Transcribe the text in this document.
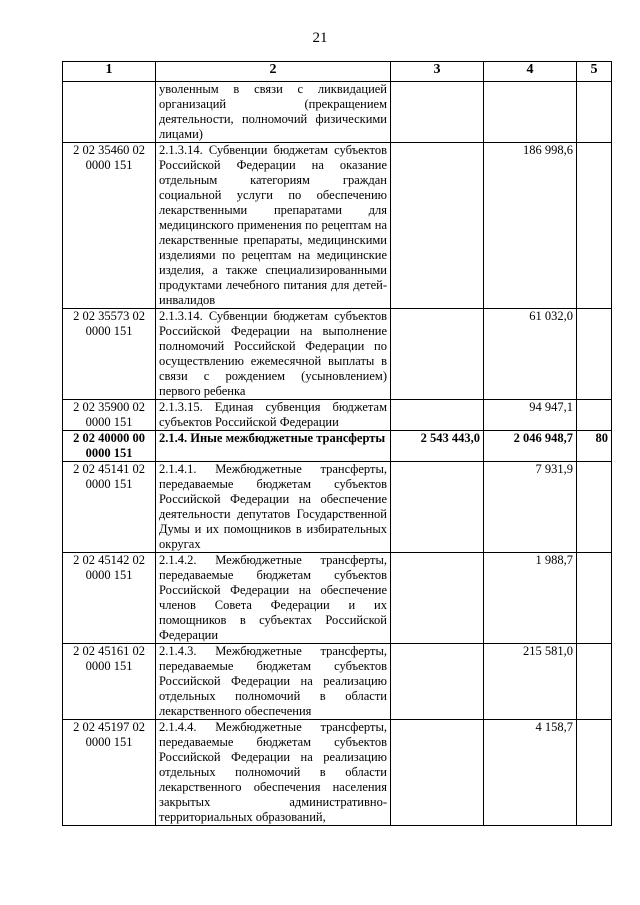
21
1	2	3	4	5
	уволенным в связи с ликвидацией организаций (прекращением деятельности, полномочий физическими лицами)			
2 02 35460 02 0000 151	2.1.3.14. Субвенции бюджетам субъектов Российской Федерации на оказание отдельным категориям граждан социальной услуги по обеспечению лекарственными препаратами для медицинского применения по рецептам на лекарственные препараты, медицинскими изделиями по рецептам на медицинские изделия, а также специализированными продуктами лечебного питания для детей-инвалидов		186 998,6	
2 02 35573 02 0000 151	2.1.3.14. Субвенции бюджетам субъектов Российской Федерации на выполнение полномочий Российской Федерации по осуществлению ежемесячной выплаты в связи с рождением (усыновлением) первого ребенка		61 032,0	
2 02 35900 02 0000 151	2.1.3.15. Единая субвенция бюджетам субъектов Российской Федерации		94 947,1	
2 02 40000 00 0000 151	2.1.4. Иные межбюджетные трансферты	2 543 443,0	2 046 948,7	80
2 02 45141 02 0000 151	2.1.4.1. Межбюджетные трансферты, передаваемые бюджетам субъектов Российской Федерации на обеспечение деятельности депутатов Государственной Думы и их помощников в избирательных округах		7 931,9	
2 02 45142 02 0000 151	2.1.4.2. Межбюджетные трансферты, передаваемые бюджетам субъектов Российской Федерации на обеспечение членов Совета Федерации и их помощников в субъектах Российской Федерации		1 988,7	
2 02 45161 02 0000 151	2.1.4.3. Межбюджетные трансферты, передаваемые бюджетам субъектов Российской Федерации на реализацию отдельных полномочий в области лекарственного обеспечения		215 581,0	
2 02 45197 02 0000 151	2.1.4.4. Межбюджетные трансферты, передаваемые бюджетам субъектов Российской Федерации на реализацию отдельных полномочий в области лекарственного обеспечения населения закрытых административно-территориальных образований,		4 158,7	
